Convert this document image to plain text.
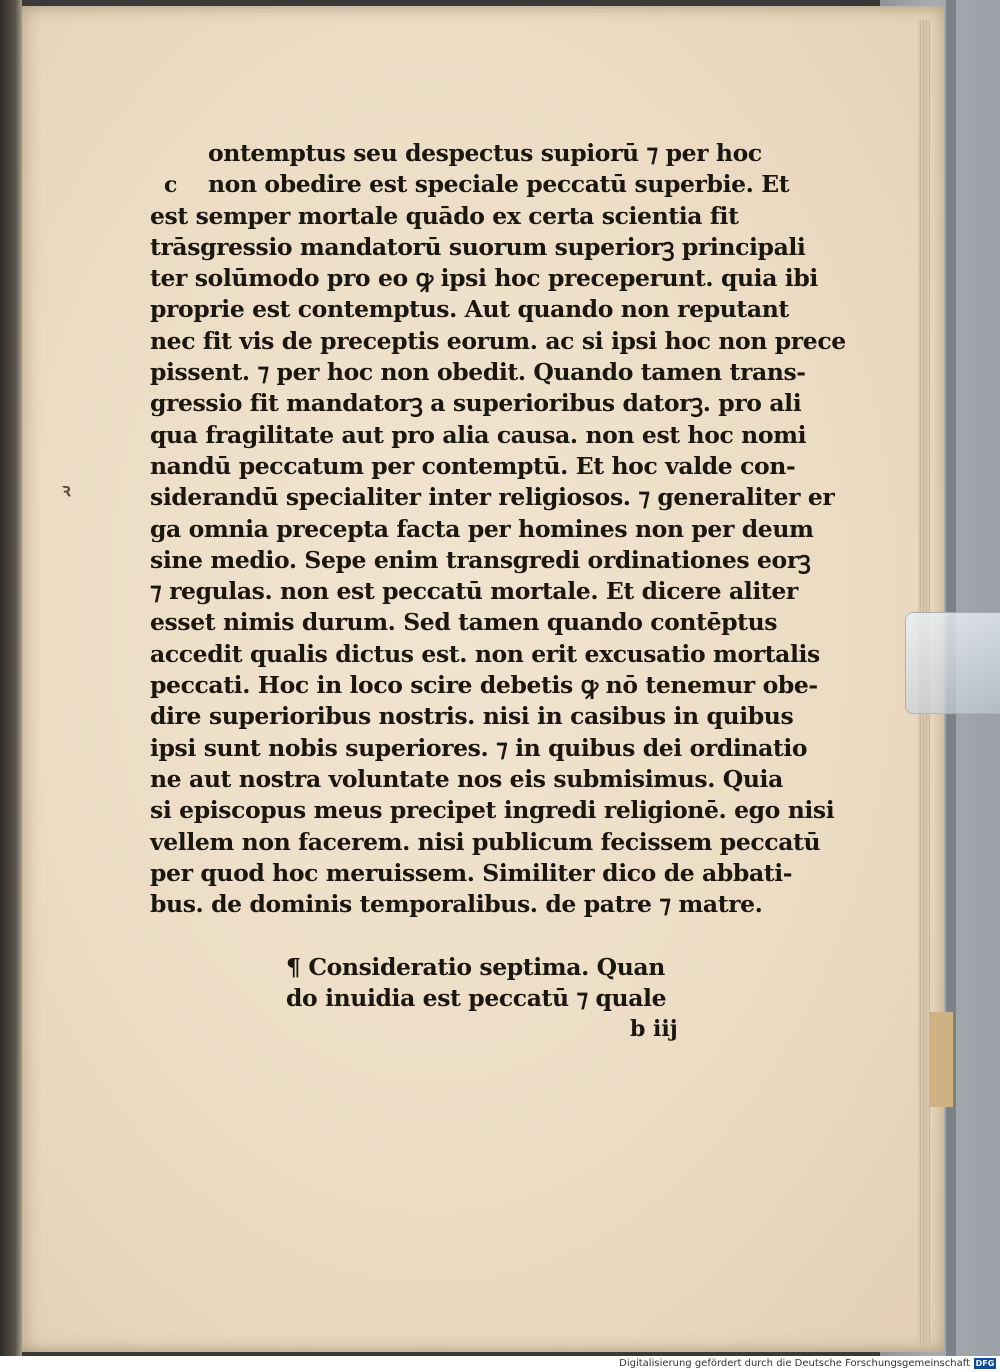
c
ꝛ
ontemptus seu despectus supiorū ⁊ per hoc
non obedire est speciale peccatū superbie. Et
est semper mortale quādo ex certa scientia fit
trāsgressio mandatorū suorum superiorꝫ principali
ter solūmodo pro eo ꝙ ipsi hoc preceperunt. quia ibi
proprie est contemptus. Aut quando non reputant
nec fit vis de preceptis eorum. ac si ipsi hoc non prece
pissent. ⁊ per hoc non obedit. Quando tamen trans-
gressio fit mandatorꝫ a superioribus datorꝫ. pro ali
qua fragilitate aut pro alia causa. non est hoc nomi
nandū peccatum per contemptū. Et hoc valde con-
siderandū specialiter inter religiosos. ⁊ generaliter er
ga omnia precepta facta per homines non per deum
sine medio. Sepe enim transgredi ordinationes eorꝫ
⁊ regulas. non est peccatū mortale. Et dicere aliter
esset nimis durum. Sed tamen quando contēptus
accedit qualis dictus est. non erit excusatio mortalis
peccati. Hoc in loco scire debetis ꝙ nō tenemur obe-
dire superioribus nostris. nisi in casibus in quibus
ipsi sunt nobis superiores. ⁊ in quibus dei ordinatio
ne aut nostra voluntate nos eis submisimus. Quia
si episcopus meus precipet ingredi religionē. ego nisi
vellem non facerem. nisi publicum fecissem peccatū
per quod hoc meruissem. Similiter dico de abbati-
bus. de dominis temporalibus. de patre ⁊ matre.
¶ Consideratio septima. Quan
do inuidia est peccatū ⁊ quale
b iij
Digitalisierung gefördert durch die Deutsche Forschungsgemeinschaft DFG
